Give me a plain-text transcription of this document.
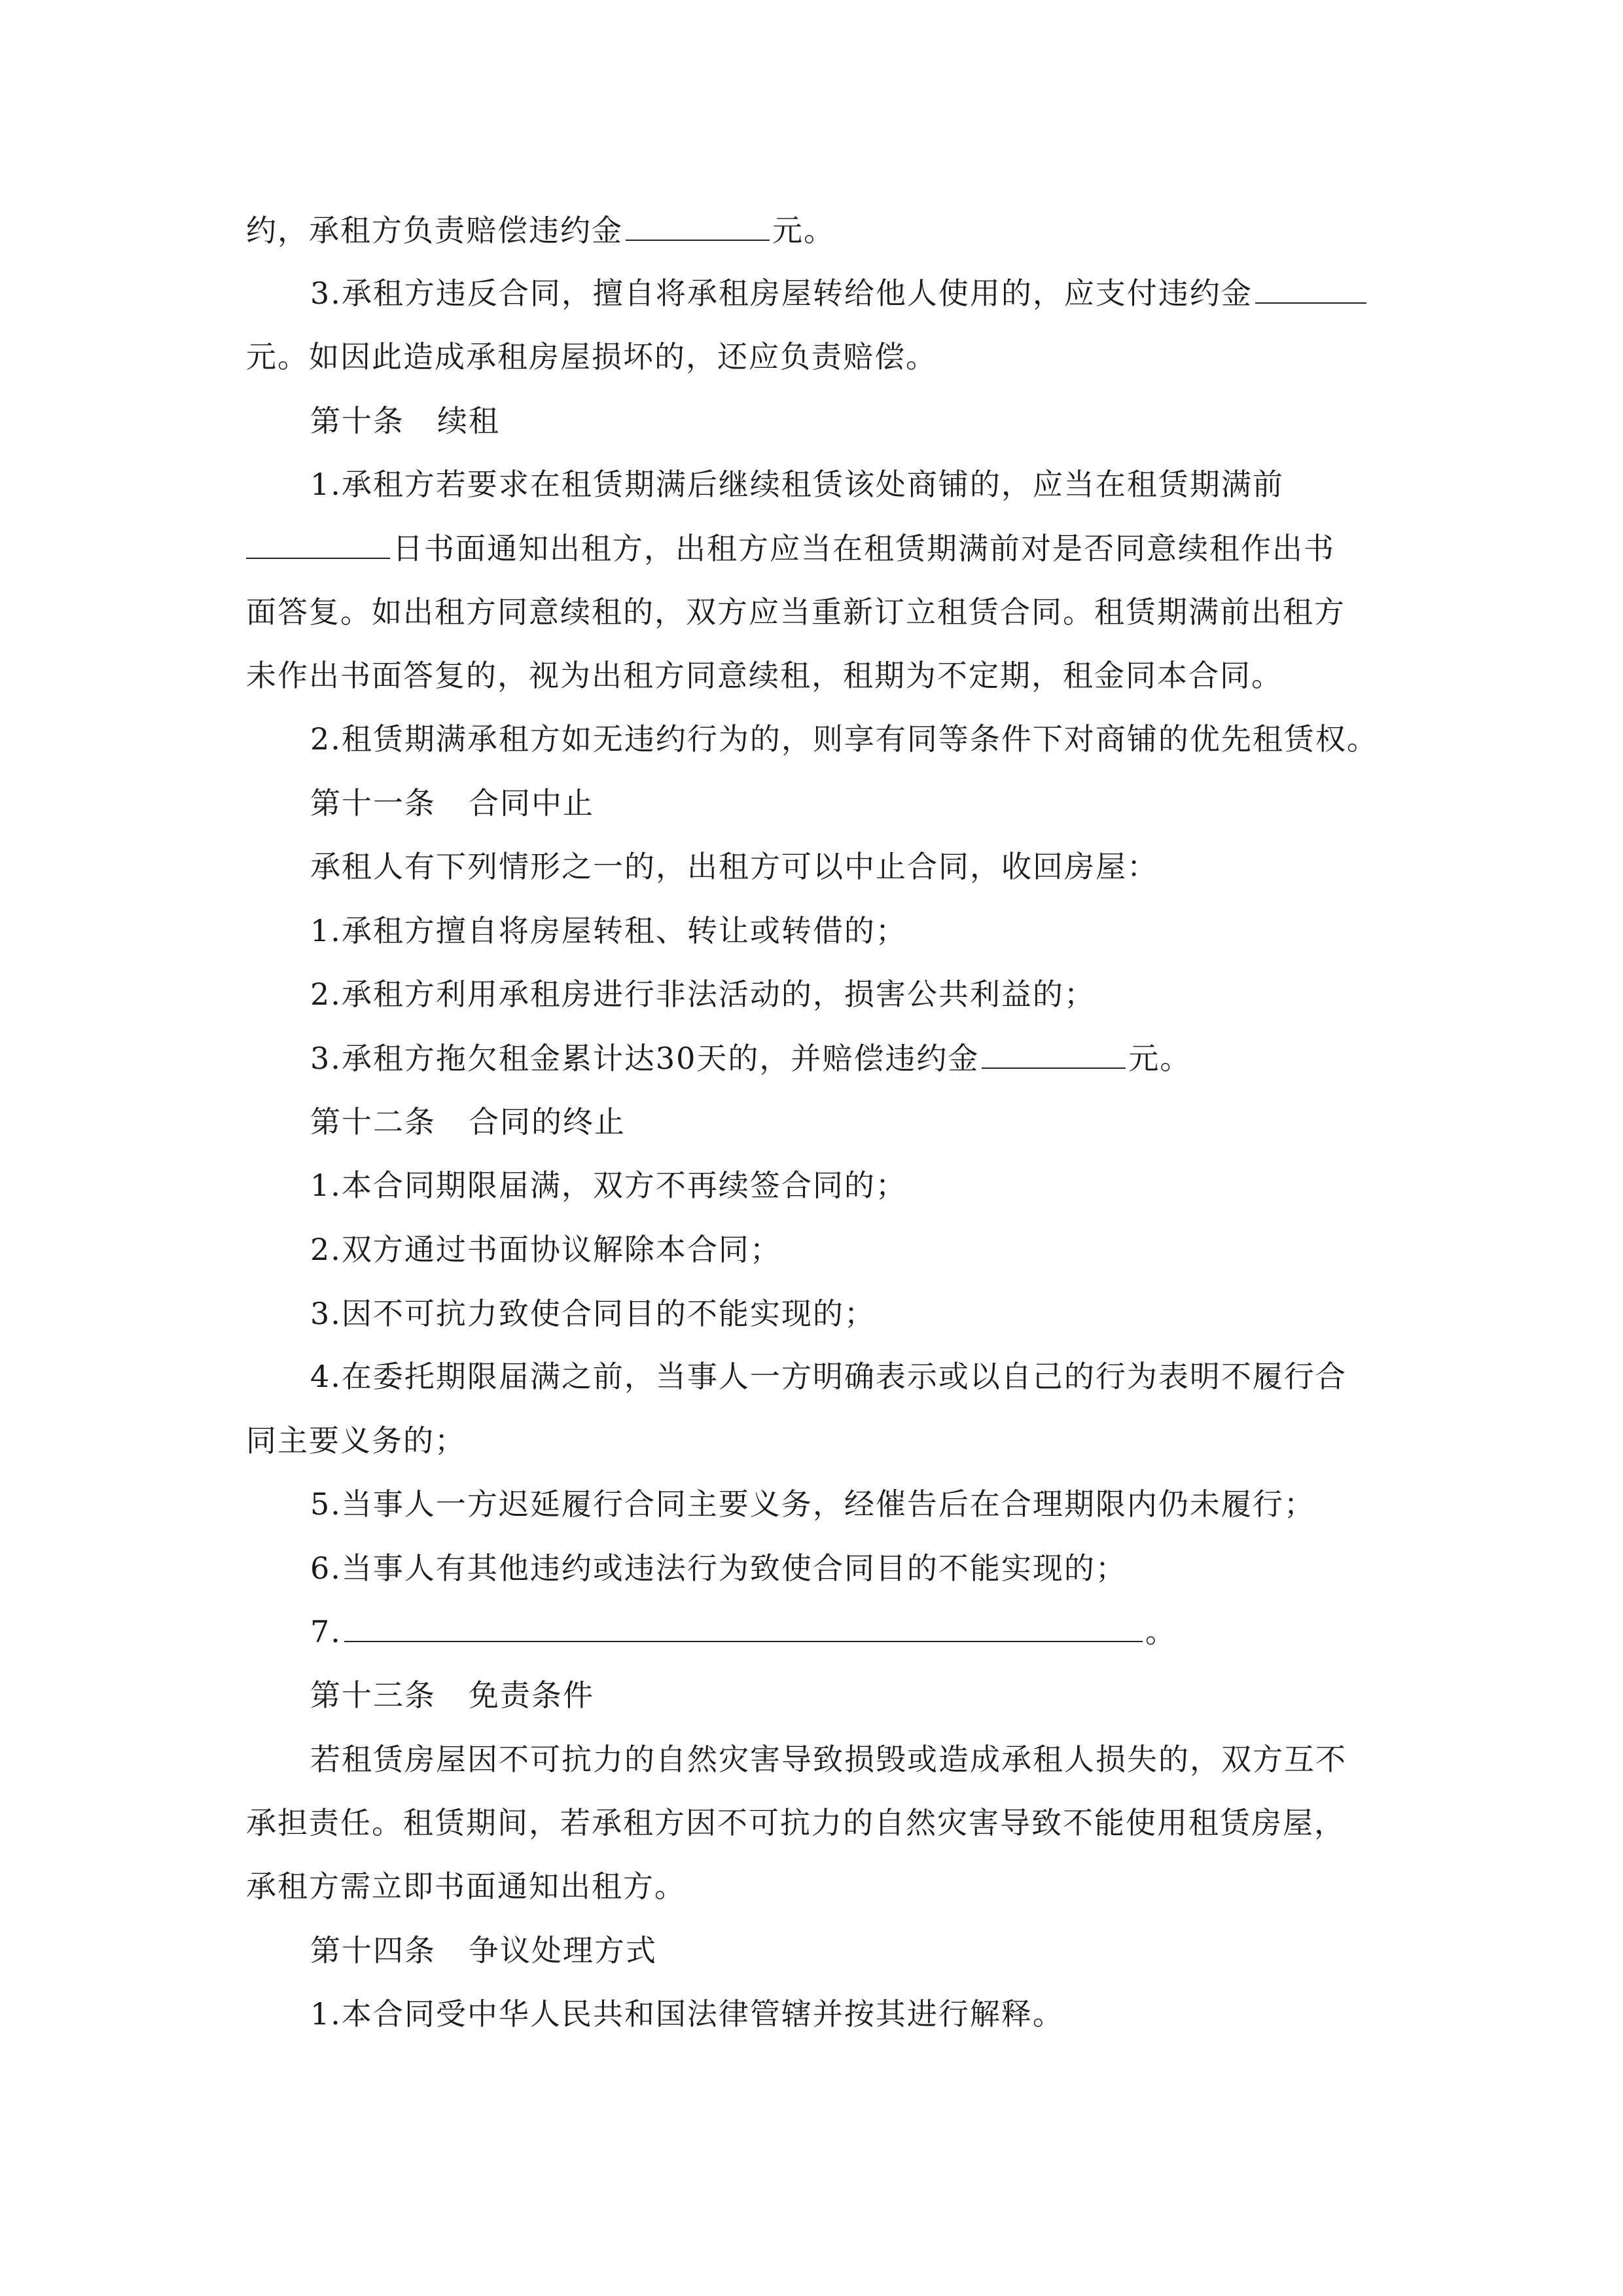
约，承租方负责赔偿违约金	元。
3.承租方违反合同，擅自将承租房屋转给他人使用的，应支付违约金
元。如因此造成承租房屋损坏的，还应负责赔偿。
第十条 续租
1.承租方若要求在租赁期满后继续租赁该处商铺的，应当在租赁期满前
日书面通知出租方，出租方应当在租赁期满前对是否同意续租作出书
面答复。如出租方同意续租的，双方应当重新订立租赁合同。租赁期满前出租方
未作出书面答复的，视为出租方同意续租，租期为不定期，租金同本合同。
2.租赁期满承租方如无违约行为的，则享有同等条件下对商铺的优先租赁权。
第十一条 合同中止
承租人有下列情形之一的，出租方可以中止合同，收回房屋：
1.承租方擅自将房屋转租、转让或转借的；
2.承租方利用承租房进行非法活动的，损害公共利益的；
3.承租方拖欠租金累计达30天的，并赔偿违约金	元。
第十二条 合同的终止
1.本合同期限届满，双方不再续签合同的；
2.双方通过书面协议解除本合同；
3.因不可抗力致使合同目的不能实现的；
4.在委托期限届满之前，当事人一方明确表示或以自己的行为表明不履行合
同主要义务的；
5.当事人一方迟延履行合同主要义务，经催告后在合理期限内仍未履行；
6.当事人有其他违约或违法行为致使合同目的不能实现的；
7.	。
第十三条 免责条件
若租赁房屋因不可抗力的自然灾害导致损毁或造成承租人损失的，双方互不
承担责任。租赁期间，若承租方因不可抗力的自然灾害导致不能使用租赁房屋，
承租方需立即书面通知出租方。
第十四条 争议处理方式
1.本合同受中华人民共和国法律管辖并按其进行解释。
